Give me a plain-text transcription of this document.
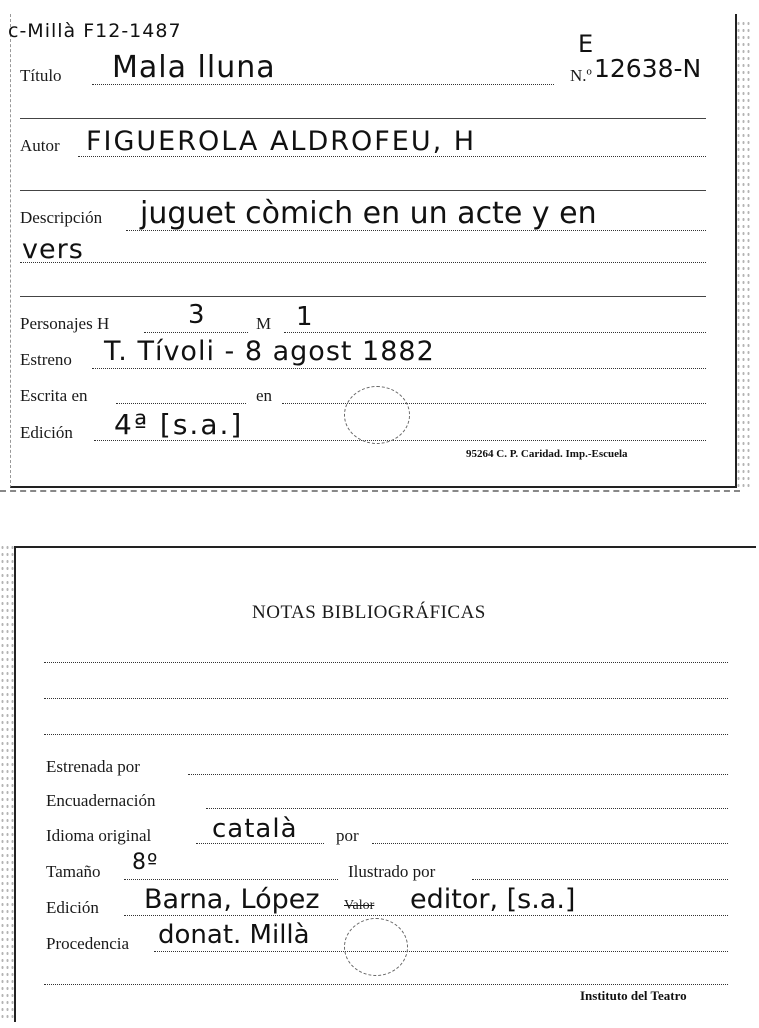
c-Millà F12-1487
Título Mala lluna
E
N.º 12638-N
Autor FIGUEROLA ALDROFEU, H
Descripción juguet còmich en un acte y en
vers
Personajes H	3	M 1
Estreno T. Tívoli - 8 agost 1882
Escrita en	en
Edición 4ª [s.a.]
95264 C. P. Caridad. Imp.-Escuela
NOTAS BIBLIOGRÁFICAS
Estrenada por
Encuadernación
Idioma original català por
Tamaño 8º	Ilustrado por
Edición Barna, López Valor editor, [s.a.]
Procedencia donat. Millà
Instituto del Teatro
